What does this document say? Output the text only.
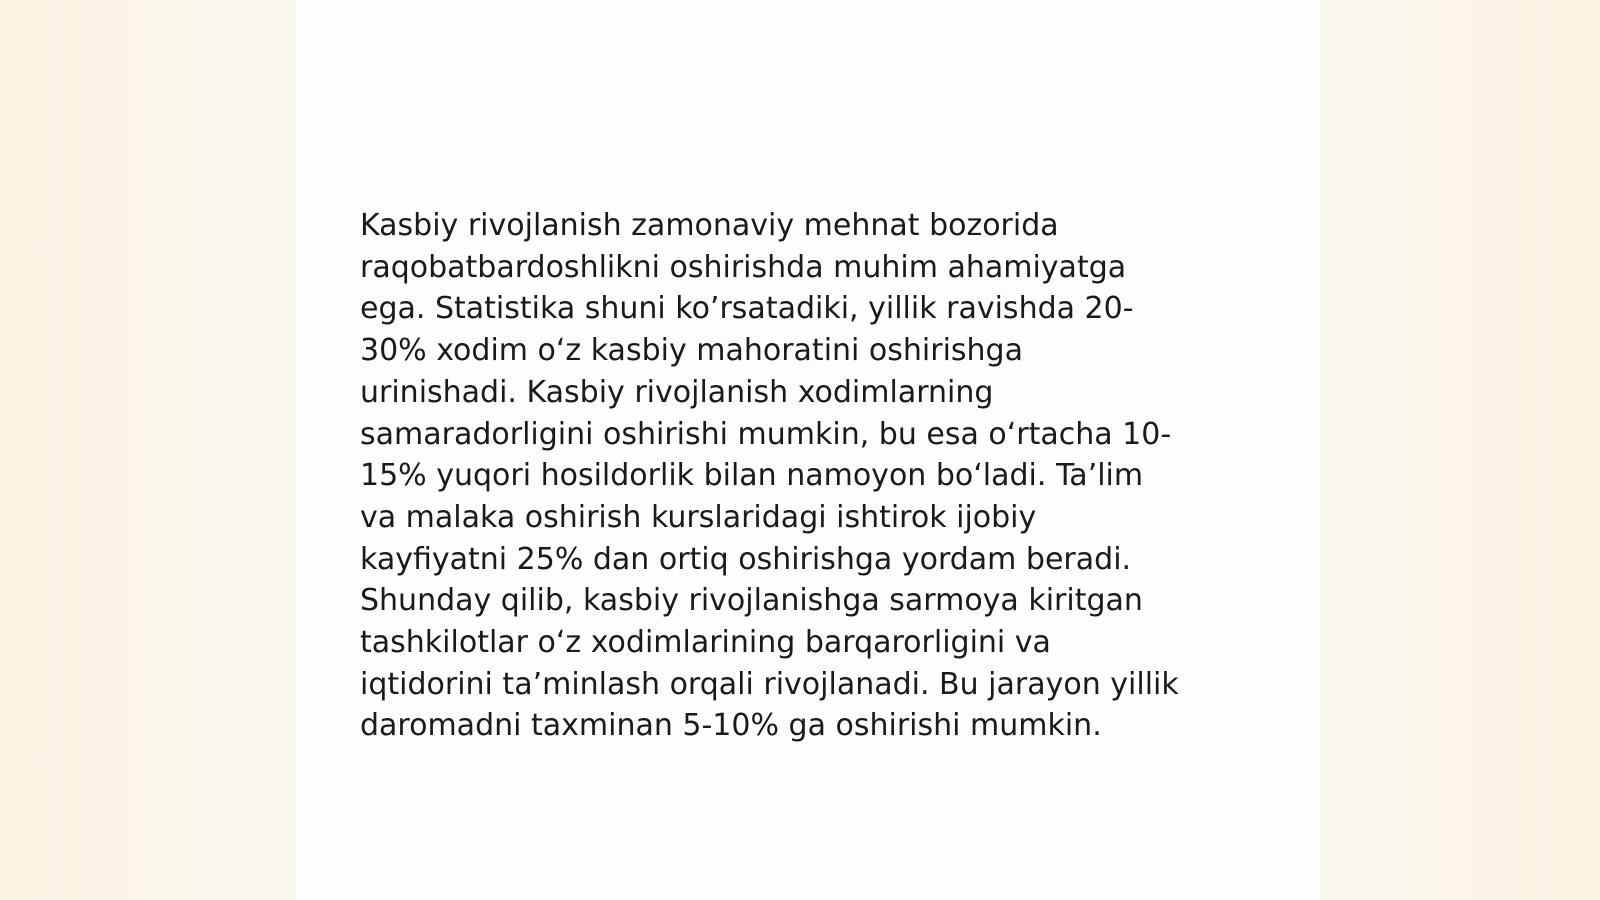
Kasbiy rivojlanish zamonaviy mehnat bozorida
raqobatbardoshlikni oshirishda muhim ahamiyatga
ega. Statistika shuni ko’rsatadiki, yillik ravishda 20-
30% xodim o‘z kasbiy mahoratini oshirishga
urinishadi. Kasbiy rivojlanish xodimlarning
samaradorligini oshirishi mumkin, bu esa o‘rtacha 10-
15% yuqori hosildorlik bilan namoyon bo‘ladi. Ta’lim
va malaka oshirish kurslaridagi ishtirok ijobiy
kayfiyatni 25% dan ortiq oshirishga yordam beradi.
Shunday qilib, kasbiy rivojlanishga sarmoya kiritgan
tashkilotlar o‘z xodimlarining barqarorligini va
iqtidorini ta’minlash orqali rivojlanadi. Bu jarayon yillik
daromadni taxminan 5-10% ga oshirishi mumkin.
